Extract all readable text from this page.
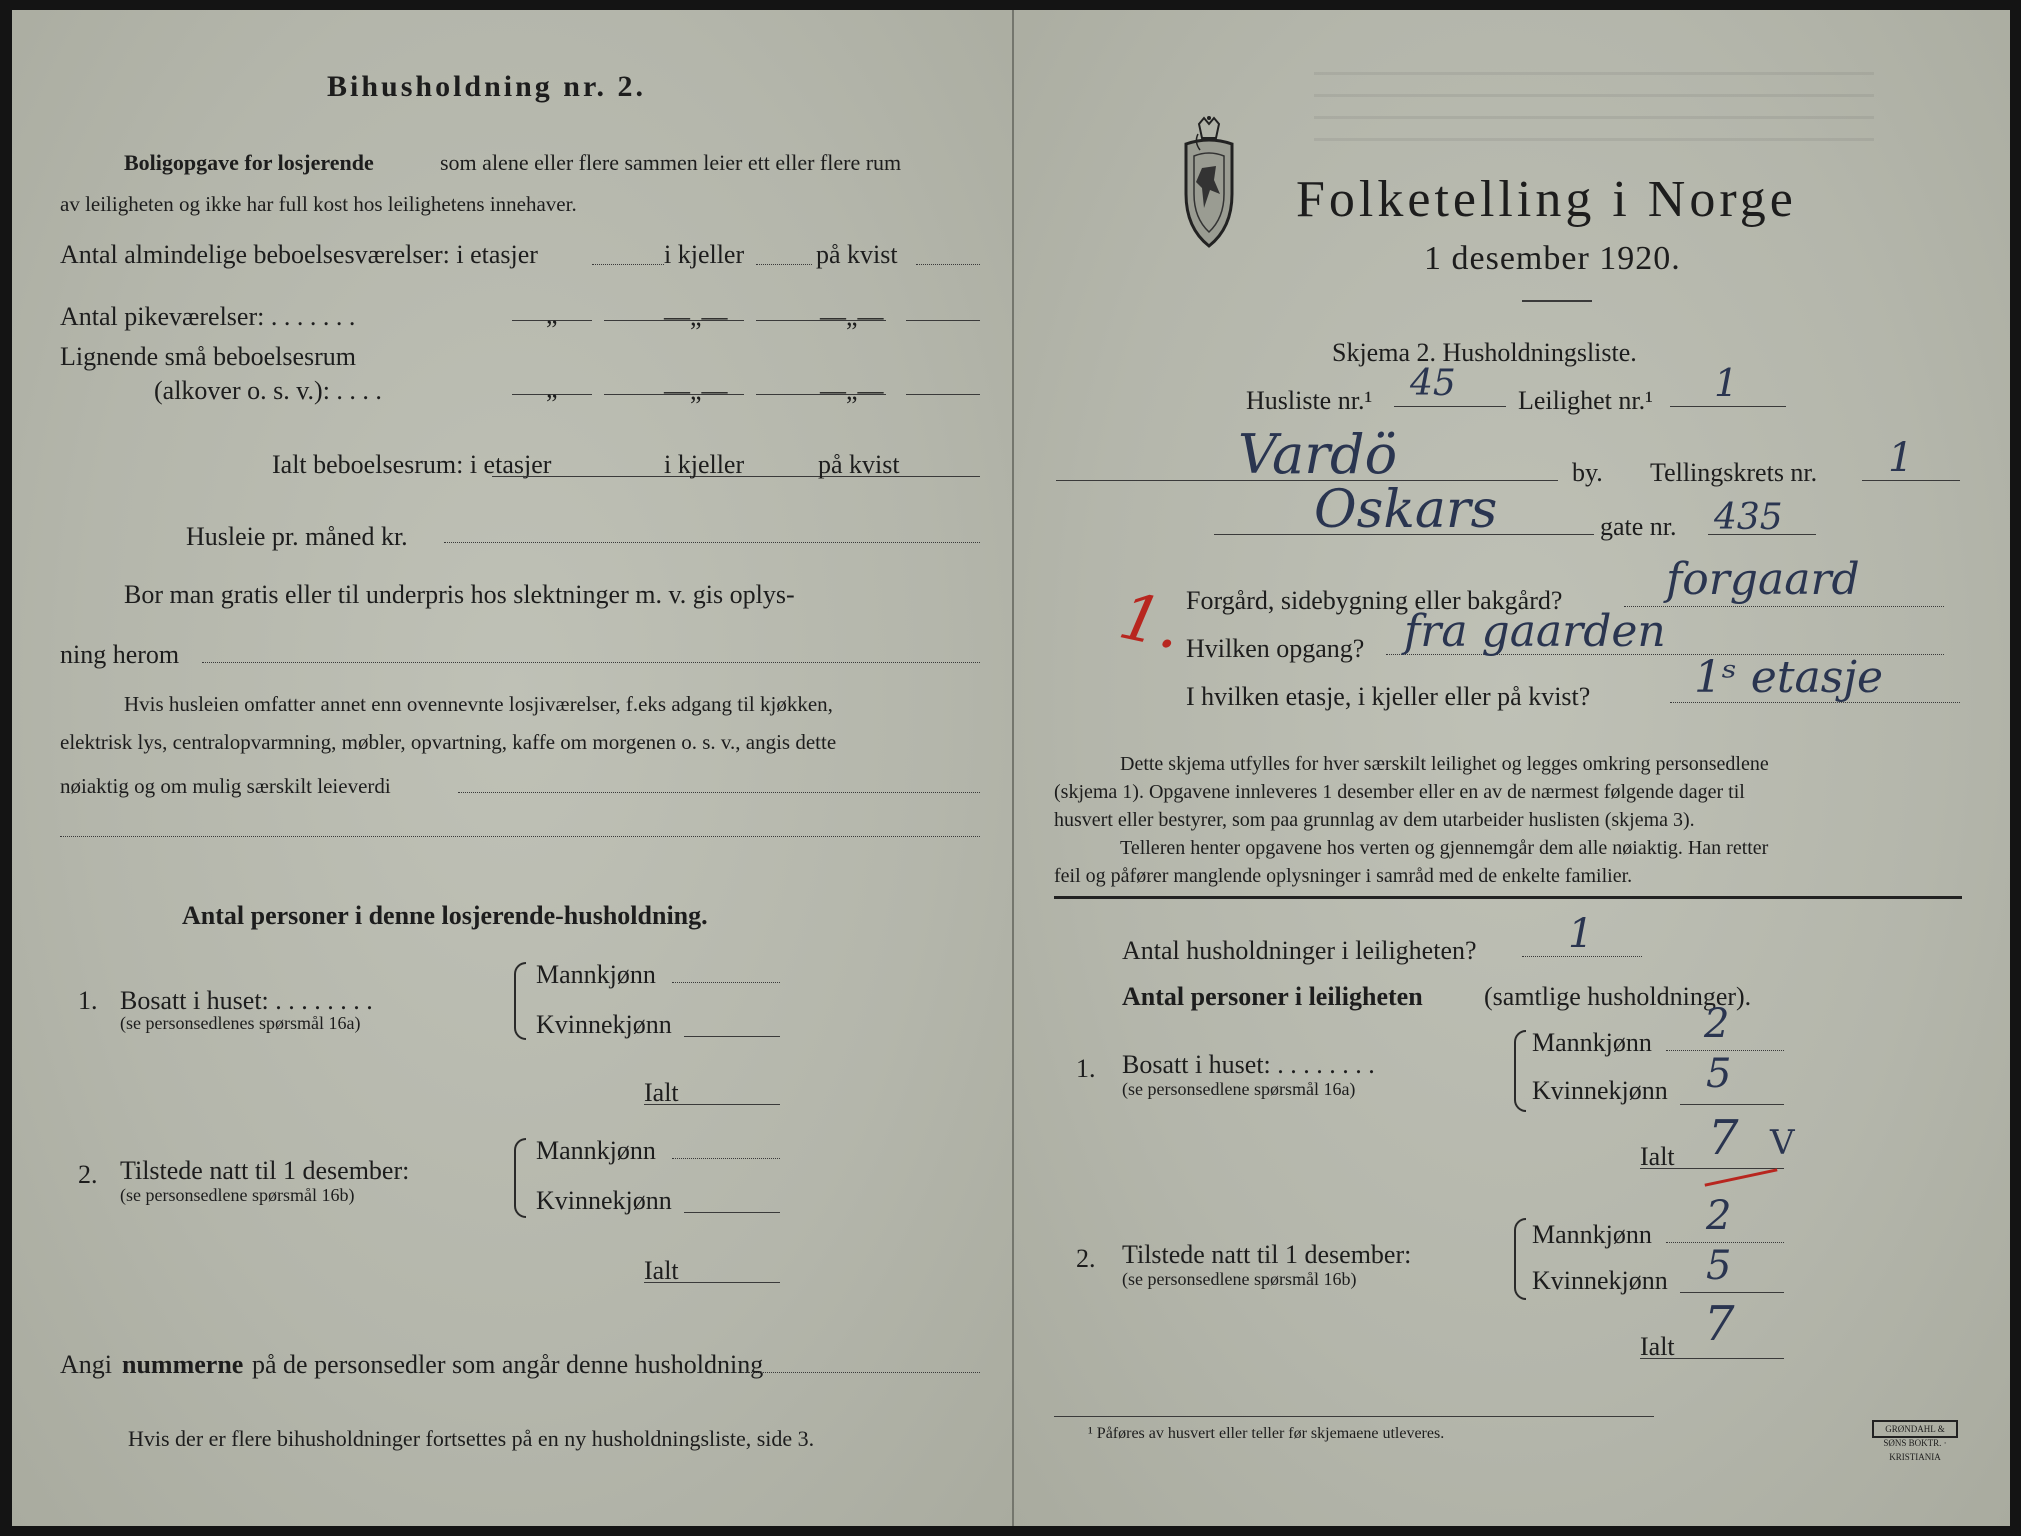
Bihusholdning nr. 2.
Boligopgave for losjerende	som alene eller flere sammen leier ett eller flere rum
av leiligheten og ikke har full kost hos leilighetens innehaver.
Antal almindelige beboelsesværelser: i etasjer	i kjeller	på kvist
Antal pikeværelser: . . . . . . .	„	—„—	—„—
Lignende små beboelsesrum
(alkover o. s. v.): . . . .	„	—„—	—„—
Ialt beboelsesrum: i etasjer	i kjeller	på kvist
Husleie pr. måned kr.
Bor man gratis eller til underpris hos slektninger m. v. gis oplys-
ning herom
Hvis husleien omfatter annet enn ovennevnte losjiværelser, f.eks adgang til kjøkken,
elektrisk lys, centralopvarmning, møbler, opvartning, kaffe om morgenen o. s. v., angis dette
nøiaktig og om mulig særskilt leieverdi
Antal personer i denne losjerende-husholdning.
1. Bosatt i huset: . . . . . . . .
(se personsedlenes spørsmål 16a)
Mannkjønn
Kvinnekjønn
Ialt
2. Tilstede natt til 1 desember:
(se personsedlene spørsmål 16b)
Mannkjønn
Kvinnekjønn
Ialt
Angi nummerne på de personsedler som angår denne husholdning
Hvis der er flere bihusholdninger fortsettes på en ny husholdningsliste, side 3.
Folketelling i Norge
1 desember 1920.
Skjema 2. Husholdningsliste.
Husliste nr.¹ 45 Leilighet nr.¹ 1
Vardö	by. Tellingskrets nr. 1
Oskars	gate nr. 435
1.
Forgård, sidebygning eller bakgård? forgaard
Hvilken opgang? fra gaarden
I hvilken etasje, i kjeller eller på kvist? 1ˢ etasje
Dette skjema utfylles for hver særskilt leilighet og legges omkring personsedlene
(skjema 1). Opgavene innleveres 1 desember eller en av de nærmest følgende dager til
husvert eller bestyrer, som paa grunnlag av dem utarbeider huslisten (skjema 3).
Telleren henter opgavene hos verten og gjennemgår dem alle nøiaktig. Han retter
feil og påfører manglende oplysninger i samråd med de enkelte familier.
Antal husholdninger i leiligheten? 1
Antal personer i leiligheten (samtlige husholdninger).
1. Bosatt i huset: . . . . . . . .
(se personsedlene spørsmål 16a)
Mannkjønn 2
Kvinnekjønn 5
Ialt 7 V
2. Tilstede natt til 1 desember:
(se personsedlene spørsmål 16b)
Mannkjønn 2
Kvinnekjønn 5
Ialt 7
¹ Påføres av husvert eller teller før skjemaene utleveres.	GRØNDAHL & SØNS BOKTR. · KRISTIANIA
